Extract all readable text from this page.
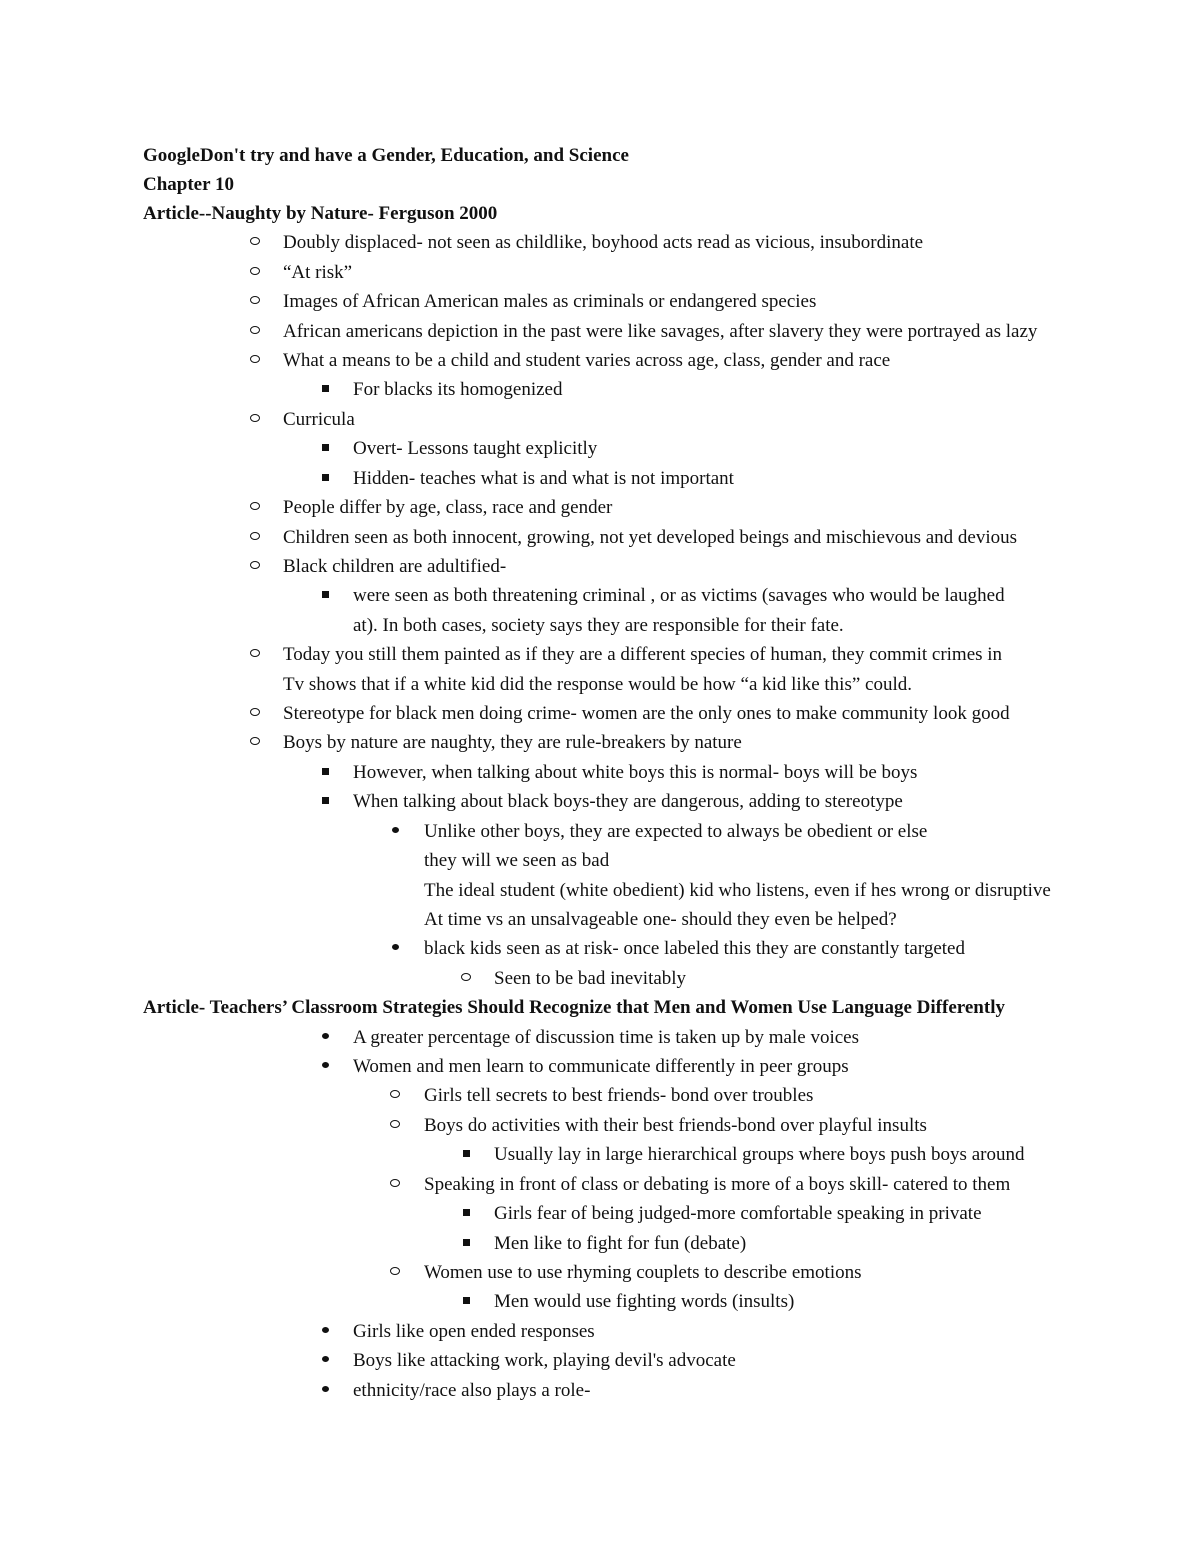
GoogleDon't try and have a Gender, Education, and Science
Chapter 10
Article--Naughty by Nature- Ferguson 2000
Doubly displaced- not seen as childlike, boyhood acts read as vicious, insubordinate
“At risk”
Images of African American males as criminals or endangered species
African americans depiction in the past were like savages, after slavery they were portrayed as lazy
What a means to be a child and student varies across age, class, gender and race
For blacks its homogenized
Curricula
Overt- Lessons taught explicitly
Hidden- teaches what is and what is not important
People differ by age, class, race and gender
Children seen as both innocent, growing, not yet developed beings and mischievous and devious
Black children are adultified-
were seen as both threatening criminal , or as victims (savages who would be laughed
at). In both cases, society says they are responsible for their fate.
Today you still them painted as if they are a different species of human, they commit crimes in
Tv shows that if a white kid did the response would be how “a kid like this” could.
Stereotype for black men doing crime- women are the only ones to make community look good
Boys by nature are naughty, they are rule-breakers by nature
However, when talking about white boys this is normal- boys will be boys
When talking about black boys-they are dangerous, adding to stereotype
Unlike other boys, they are expected to always be obedient or else
they will we seen as bad
The ideal student (white obedient) kid who listens, even if hes wrong or disruptive
At time vs an unsalvageable one- should they even be helped?
black kids seen as at risk- once labeled this they are constantly targeted
Seen to be bad inevitably
Article- Teachers’ Classroom Strategies Should Recognize that Men and Women Use Language Differently
A greater percentage of discussion time is taken up by male voices
Women and men learn to communicate differently in peer groups
Girls tell secrets to best friends- bond over troubles
Boys do activities with their best friends-bond over playful insults
Usually lay in large hierarchical groups where boys push boys around
Speaking in front of class or debating is more of a boys skill- catered to them
Girls fear of being judged-more comfortable speaking in private
Men like to fight for fun (debate)
Women use to use rhyming couplets to describe emotions
Men would use fighting words (insults)
Girls like open ended responses
Boys like attacking work, playing devil's advocate
ethnicity/race also plays a role-
